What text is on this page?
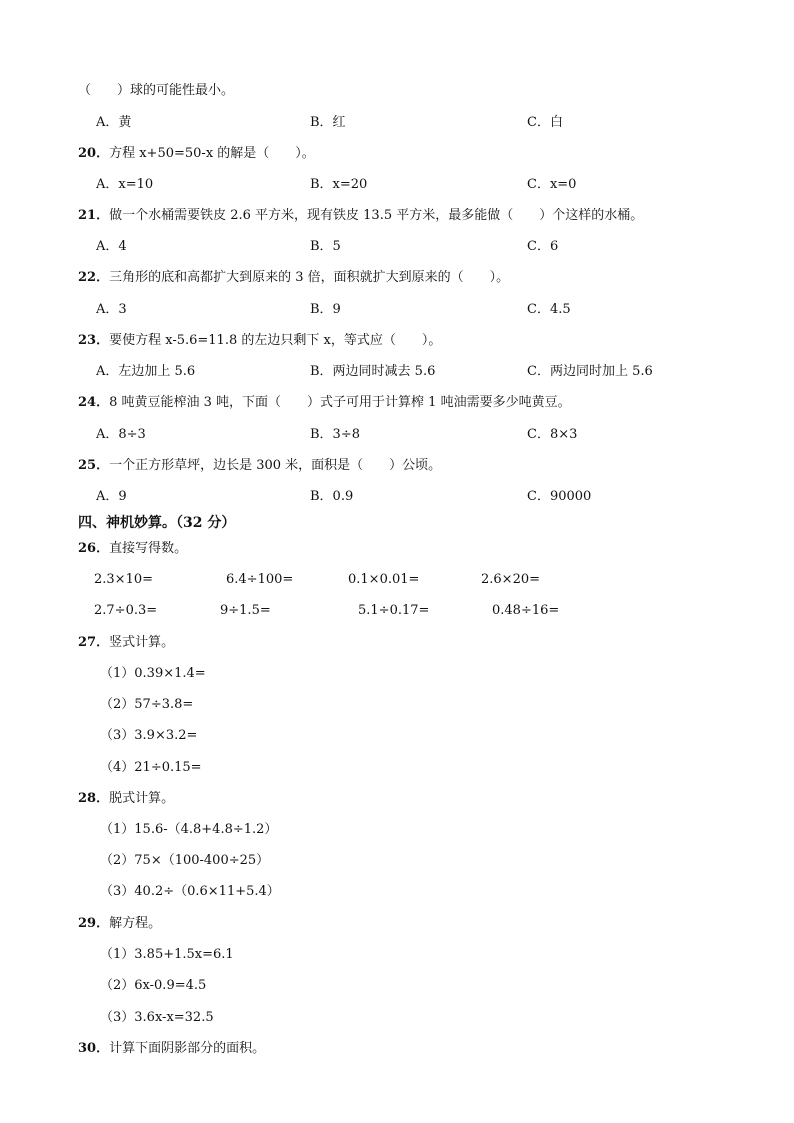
（　　）球的可能性最小。
A．黄	B．红	C．白
20．方程 x+50=50-x 的解是（　　）。
A．x=10	B．x=20	C．x=0
21．做一个水桶需要铁皮 2.6 平方米，现有铁皮 13.5 平方米，最多能做（　　）个这样的水桶。
A．4	B．5	C．6
22．三角形的底和高都扩大到原来的 3 倍，面积就扩大到原来的（　　）。
A．3	B．9	C．4.5
23．要使方程 x-5.6=11.8 的左边只剩下 x，等式应（　　）。
A．左边加上 5.6	B．两边同时减去 5.6	C．两边同时加上 5.6
24．8 吨黄豆能榨油 3 吨，下面（　　）式子可用于计算榨 1 吨油需要多少吨黄豆。
A．8÷3	B．3÷8	C．8×3
25．一个正方形草坪，边长是 300 米，面积是（　　）公顷。
A．9	B．0.9	C．90000
四、神机妙算。（32 分）
26．直接写得数。
2.3×10=	6.4÷100=	0.1×0.01=	2.6×20=
2.7÷0.3=	9÷1.5=	5.1÷0.17=	0.48÷16=
27．竖式计算。
（1）0.39×1.4=
（2）57÷3.8=
（3）3.9×3.2=
（4）21÷0.15=
28．脱式计算。
（1）15.6-（4.8+4.8÷1.2）
（2）75×（100-400÷25）
（3）40.2÷（0.6×11+5.4）
29．解方程。
（1）3.85+1.5x=6.1
（2）6x-0.9=4.5
（3）3.6x-x=32.5
30．计算下面阴影部分的面积。
